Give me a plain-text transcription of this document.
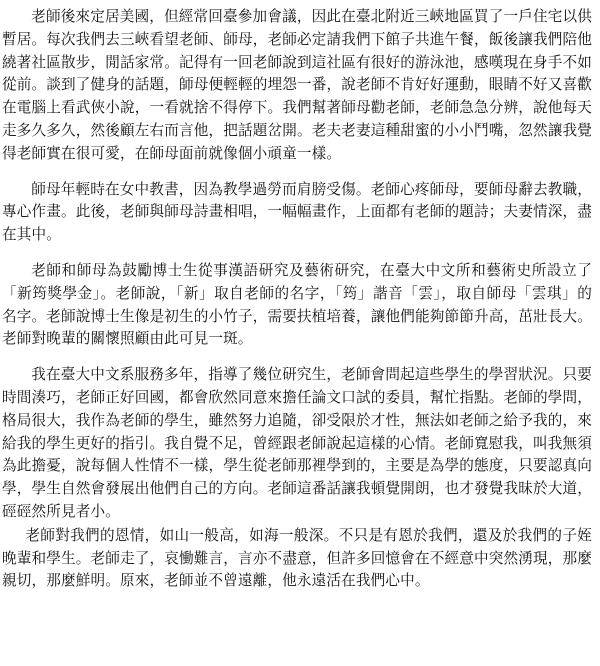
老師後來定居美國，但經常回臺參加會議，因此在臺北附近三峽地區買了一戶住宅以供暫居。每次我們去三峽看望老師、師母，老師必定請我們下館子共進午餐，飯後讓我們陪他繞著社區散步，閒話家常。記得有一回老師說到這社區有很好的游泳池，感嘆現在身手不如從前。談到了健身的話題，師母便輕輕的埋怨一番，說老師不肯好好運動，眼睛不好又喜歡在電腦上看武俠小說，一看就捨不得停下。我們幫著師母勸老師，老師急急分辨，說他每天走多久多久，然後顧左右而言他，把話題岔開。老夫老妻這種甜蜜的小小鬥嘴，忽然讓我覺得老師實在很可愛，在師母面前就像個小頑童一樣。

師母年輕時在女中教書，因為教學過勞而肩膀受傷。老師心疼師母，要師母辭去教職，專心作畫。此後，老師與師母詩畫相唱，一幅幅畫作，上面都有老師的題詩；夫妻情深，盡在其中。

老師和師母為鼓勵博士生從事漢語研究及藝術研究，在臺大中文所和藝術史所設立了「新筠獎學金」。老師說，「新」取自老師的名字，「筠」諧音「雲」，取自師母「雲琪」的名字。老師說博士生像是初生的小竹子，需要扶植培養，讓他們能夠節節升高，茁壯長大。老師對晚輩的關懷照顧由此可見一斑。

我在臺大中文系服務多年，指導了幾位研究生，老師會問起這些學生的學習狀況。只要時間湊巧，老師正好回國，都會欣然同意來擔任論文口試的委員，幫忙指點。老師的學問，格局很大，我作為老師的學生，雖然努力追隨，卻受限於才性，無法如老師之給予我的，來給我的學生更好的指引。我自覺不足，曾經跟老師說起這樣的心情。老師寬慰我，叫我無須為此擔憂，說每個人性情不一樣，學生從老師那裡學到的，主要是為學的態度，只要認真向學，學生自然會發展出他們自己的方向。老師這番話讓我頓覺開朗，也才發覺我昧於大道，硜硜然所見者小。

老師對我們的恩情，如山一般高，如海一般深。不只是有恩於我們，還及於我們的子姪晚輩和學生。老師走了，哀慟難言，言亦不盡意，但許多回憶會在不經意中突然湧現，那麼親切，那麼鮮明。原來，老師並不曾遠離，他永遠活在我們心中。
